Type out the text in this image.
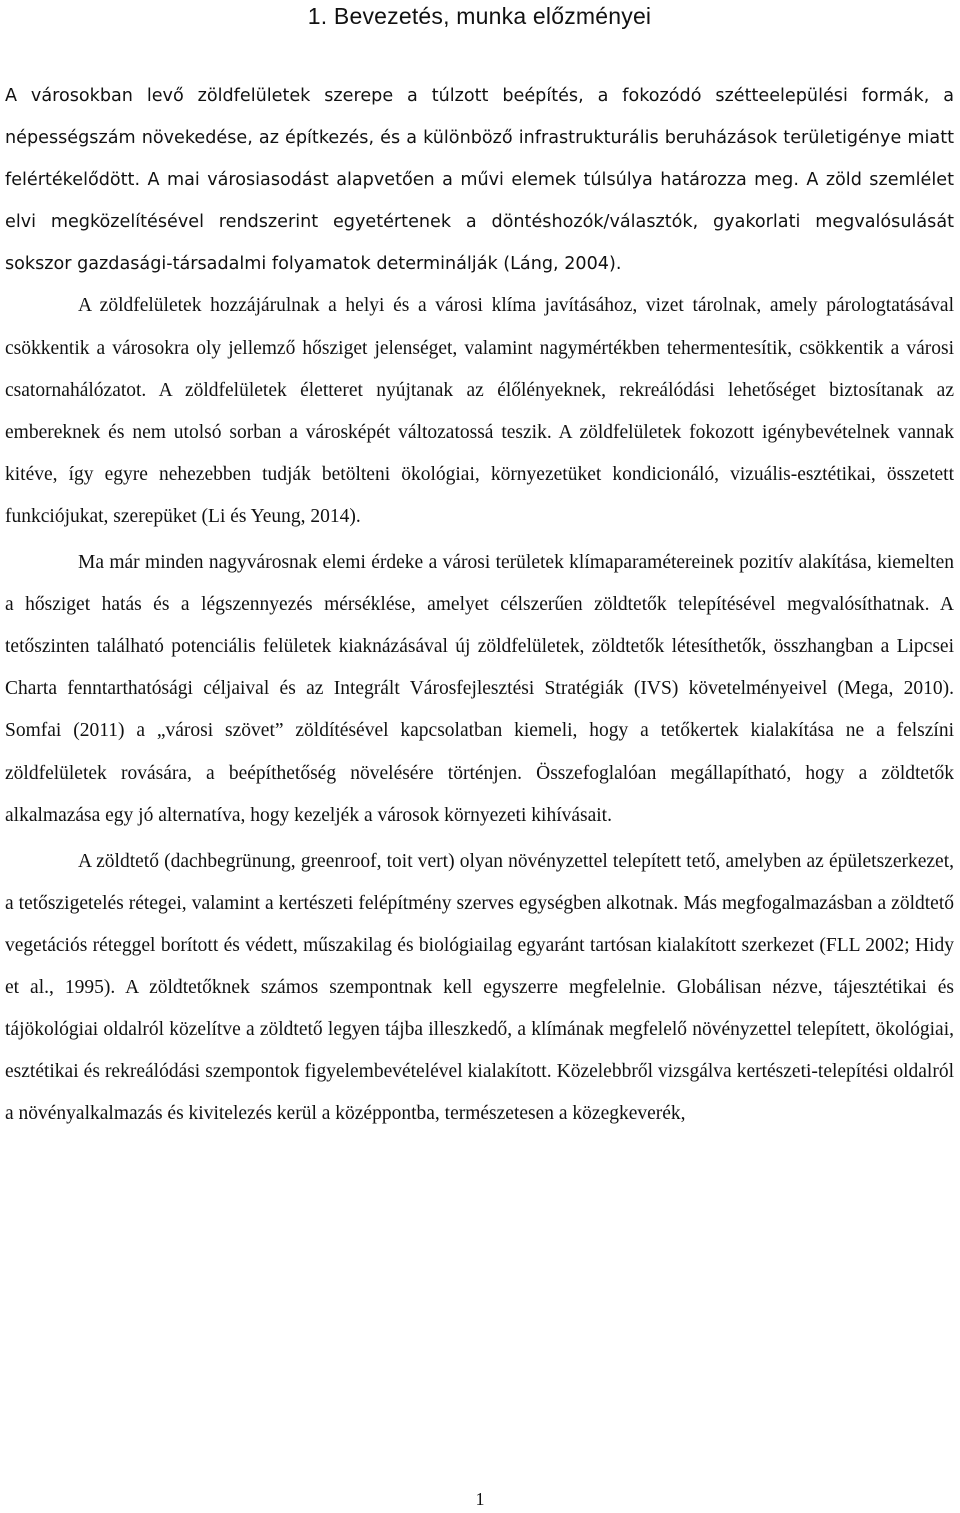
1. Bevezetés, munka előzményei

A városokban levő zöldfelületek szerepe a túlzott beépítés, a fokozódó szétteelepülési formák, a népességszám növekedése, az építkezés, és a különböző infrastrukturális beruházások területigénye miatt felértékelődött. A mai városiasodást alapvetően a művi elemek túlsúlya határozza meg. A zöld szemlélet elvi megközelítésével rendszerint egyetértenek a döntéshozók/választók, gyakorlati megvalósulását sokszor gazdasági-társadalmi folyamatok determinálják (Láng, 2004).

A zöldfelületek hozzájárulnak a helyi és a városi klíma javításához, vizet tárolnak, amely párologtatásával csökkentik a városokra oly jellemző hősziget jelenséget, valamint nagymértékben tehermentesítik, csökkentik a városi csatornahálózatot. A zöldfelületek életteret nyújtanak az élőlényeknek, rekreálódási lehetőséget biztosítanak az embereknek és nem utolsó sorban a városképét változatossá teszik. A zöldfelületek fokozott igénybevételnek vannak kitéve, így egyre nehezebben tudják betölteni ökológiai, környezetüket kondicionáló, vizuális-esztétikai, összetett funkciójukat, szerepüket (Li és Yeung, 2014).

Ma már minden nagyvárosnak elemi érdeke a városi területek klímaparamétereinek pozitív alakítása, kiemelten a hősziget hatás és a légszennyezés mérséklése, amelyet célszerűen zöldtetők telepítésével megvalósíthatnak. A tetőszinten található potenciális felületek kiaknázásával új zöldfelületek, zöldtetők létesíthetők, összhangban a Lipcsei Charta fenntarthatósági céljaival és az Integrált Városfejlesztési Stratégiák (IVS) követelményeivel (Mega, 2010). Somfai (2011) a „városi szövet” zöldítésével kapcsolatban kiemeli, hogy a tetőkertek kialakítása ne a felszíni zöldfelületek rovására, a beépíthetőség növelésére történjen. Összefoglalóan megállapítható, hogy a zöldtetők alkalmazása egy jó alternatíva, hogy kezeljék a városok környezeti kihívásait.

A zöldtető (dachbegrünung, greenroof, toit vert) olyan növényzettel telepített tető, amelyben az épületszerkezet, a tetőszigetelés rétegei, valamint a kertészeti felépítmény szerves egységben alkotnak. Más megfogalmazásban a zöldtető vegetációs réteggel borított és védett, műszakilag és biológiailag egyaránt tartósan kialakított szerkezet (FLL 2002; Hidy et al., 1995). A zöldtetőknek számos szempontnak kell egyszerre megfelelnie. Globálisan nézve, tájesztétikai és tájökológiai oldalról közelítve a zöldtető legyen tájba illeszkedő, a klímának megfelelő növényzettel telepített, ökológiai, esztétikai és rekreálódási szempontok figyelembevételével kialakított. Közelebbről vizsgálva kertészeti-telepítési oldalról a növényalkalmazás és kivitelezés kerül a középpontba, természetesen a közegkeverék,

1
